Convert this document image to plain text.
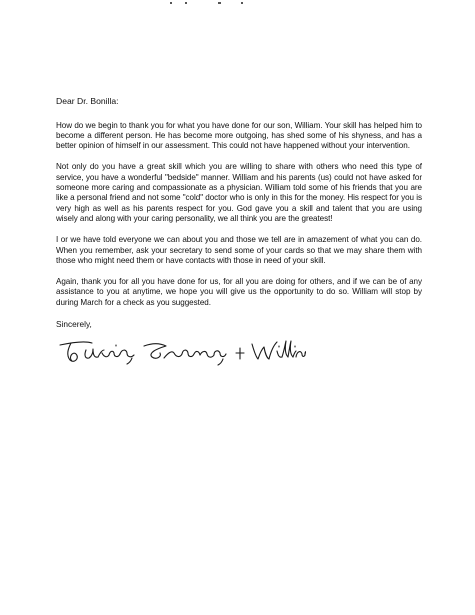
Dear Dr. Bonilla:

How do we begin to thank you for what you have done for our son, William. Your skill has helped him to become a different person. He has become more outgoing, has shed some of his shyness, and has a better opinion of himself in our assessment. This could not have happened without your intervention.

Not only do you have a great skill which you are willing to share with others who need this type of service, you have a wonderful "bedside" manner. William and his parents (us) could not have asked for someone more caring and compassionate as a physician. William told some of his friends that you are like a personal friend and not some "cold" doctor who is only in this for the money. His respect for you is very high as well as his parents respect for you. God gave you a skill and talent that you are using wisely and along with your caring personality, we all think you are the greatest!

I or we have told everyone we can about you and those we tell are in amazement of what you can do. When you remember, ask your secretary to send some of your cards so that we may share them with those who might need them or have contacts with those in need of your skill.

Again, thank you for all you have done for us, for all you are doing for others, and if we can be of any assistance to you at anytime, we hope you will give us the opportunity to do so. William will stop by during March for a check as you suggested.

Sincerely,
